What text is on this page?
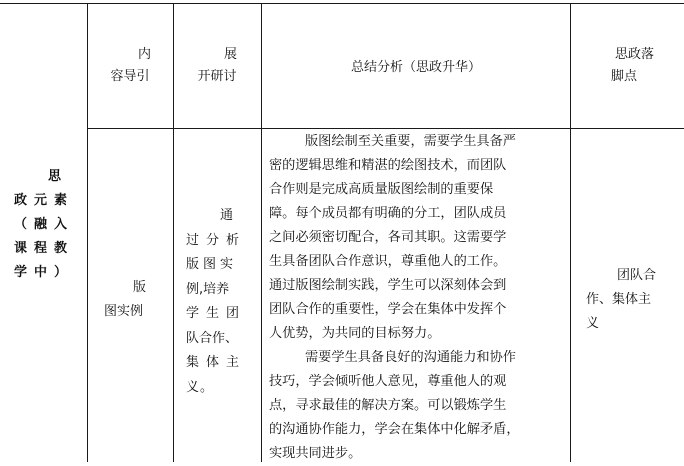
内
容导引
展
开研讨
总结分析（思政升华）
思政落
脚点
思
政元素
（融入
课程教
学中）
版
图实例
通
过分析
版图实
例,培养
学生团
队合作、
集体主
义。
版图绘制至关重要，需要学生具备严
密的逻辑思维和精湛的绘图技术，而团队
合作则是完成高质量版图绘制的重要保
障。每个成员都有明确的分工，团队成员
之间必须密切配合，各司其职。这需要学
生具备团队合作意识，尊重他人的工作。
通过版图绘制实践，学生可以深刻体会到
团队合作的重要性，学会在集体中发挥个
人优势，为共同的目标努力。
需要学生具备良好的沟通能力和协作
技巧，学会倾听他人意见，尊重他人的观
点，寻求最佳的解决方案。可以锻炼学生
的沟通协作能力，学会在集体中化解矛盾，
实现共同进步。
团队合
作、集体主
义
